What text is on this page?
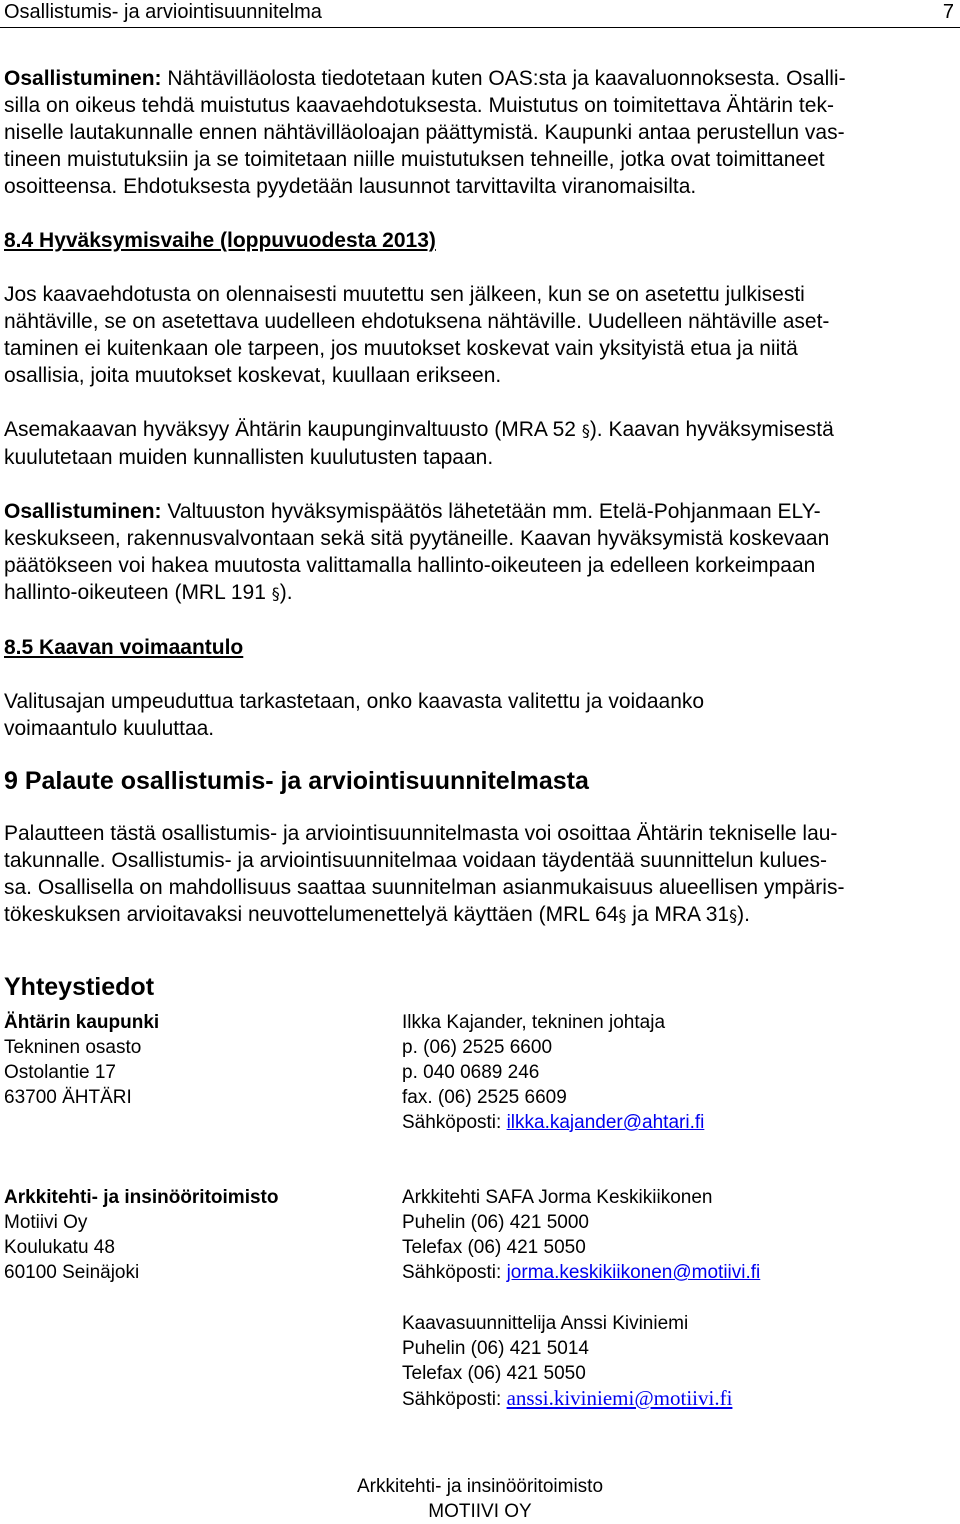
Osallistumis- ja arviointisuunnitelma	7

Osallistuminen: Nähtävilläolosta tiedotetaan kuten OAS:sta ja kaavaluonnoksesta. Osalli-
silla on oikeus tehdä muistutus kaavaehdotuksesta. Muistutus on toimitettava Ähtärin tek-
niselle lautakunnalle ennen nähtävilläoloajan päättymistä. Kaupunki antaa perustellun vas-
tineen muistutuksiin ja se toimitetaan niille muistutuksen tehneille, jotka ovat toimittaneet
osoitteensa. Ehdotuksesta pyydetään lausunnot tarvittavilta viranomaisilta.

8.4 Hyväksymisvaihe (loppuvuodesta 2013)

Jos kaavaehdotusta on olennaisesti muutettu sen jälkeen, kun se on asetettu julkisesti
nähtäville, se on asetettava uudelleen ehdotuksena nähtäville. Uudelleen nähtäville aset-
taminen ei kuitenkaan ole tarpeen, jos muutokset koskevat vain yksityistä etua ja niitä
osallisia, joita muutokset koskevat, kuullaan erikseen.

Asemakaavan hyväksyy Ähtärin kaupunginvaltuusto (MRA 52 §). Kaavan hyväksymisestä
kuulutetaan muiden kunnallisten kuulutusten tapaan.

Osallistuminen: Valtuuston hyväksymispäätös lähetetään mm. Etelä-Pohjanmaan ELY-
keskukseen, rakennusvalvontaan sekä sitä pyytäneille. Kaavan hyväksymistä koskevaan
päätökseen voi hakea muutosta valittamalla hallinto-oikeuteen ja edelleen korkeimpaan
hallinto-oikeuteen (MRL 191 §).

8.5 Kaavan voimaantulo

Valitusajan umpeuduttua tarkastetaan, onko kaavasta valitettu ja voidaanko
voimaantulo kuuluttaa.

9 Palaute osallistumis- ja arviointisuunnitelmasta

Palautteen tästä osallistumis- ja arviointisuunnitelmasta voi osoittaa Ähtärin tekniselle lau-
takunnalle. Osallistumis- ja arviointisuunnitelmaa voidaan täydentää suunnittelun kulues-
sa. Osallisella on mahdollisuus saattaa suunnitelman asianmukaisuus alueellisen ympäris-
tökeskuksen arvioitavaksi neuvottelumenettelyä käyttäen (MRL 64§ ja MRA 31§).

Yhteystiedot

Ähtärin kaupunki
Tekninen osasto
Ostolantie 17
63700 ÄHTÄRI
Ilkka Kajander, tekninen johtaja
p. (06) 2525 6600
p. 040 0689 246
fax. (06) 2525 6609
Sähköposti: ilkka.kajander@ahtari.fi
Arkkitehti- ja insinööritoimisto
Motiivi Oy
Koulukatu 48
60100 Seinäjoki
Arkkitehti SAFA Jorma Keskikiikonen
Puhelin (06) 421 5000
Telefax (06) 421 5050
Sähköposti: jorma.keskikiikonen@motiivi.fi
Kaavasuunnittelija Anssi Kiviniemi
Puhelin (06) 421 5014
Telefax (06) 421 5050
Sähköposti: anssi.kiviniemi@motiivi.fi
Arkkitehti- ja insinööritoimisto
MOTIIVI OY
